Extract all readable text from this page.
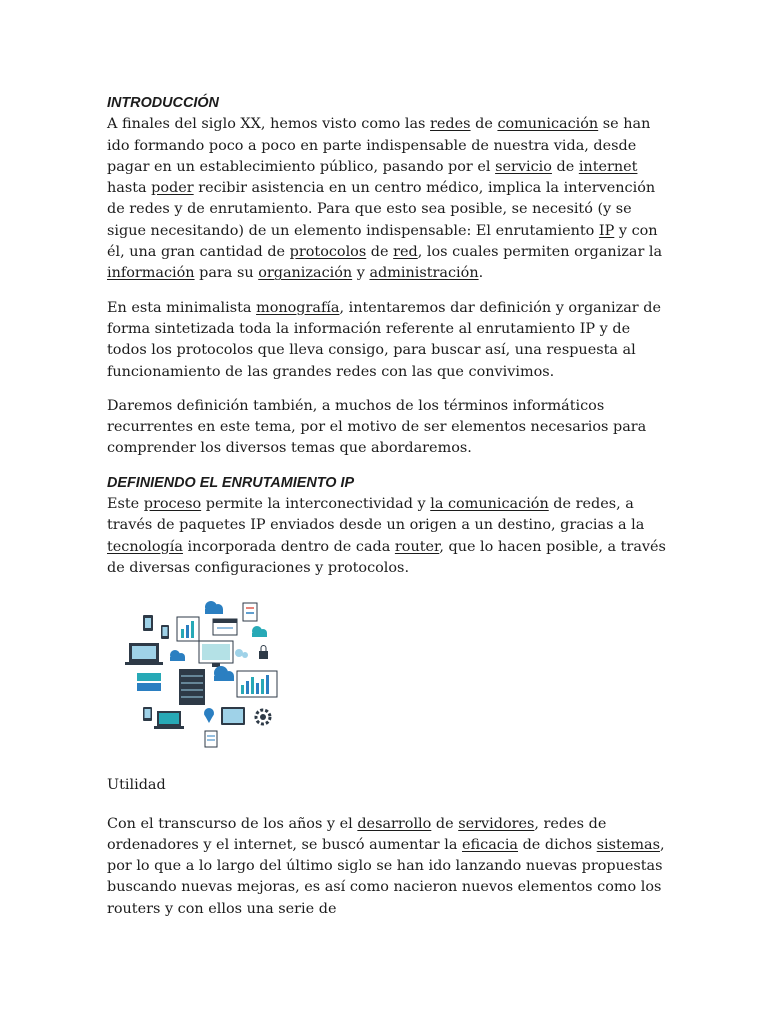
INTRODUCCIÓN
A finales del siglo XX, hemos visto como las redes de comunicación se han ido formando poco a poco en parte indispensable de nuestra vida, desde pagar en un establecimiento público, pasando por el servicio de internet hasta poder recibir asistencia en un centro médico, implica la intervención de redes y de enrutamiento. Para que esto sea posible, se necesitó (y se sigue necesitando) de un elemento indispensable: El enrutamiento IP y con él, una gran cantidad de protocolos de red, los cuales permiten organizar la información para su organización y administración.

En esta minimalista monografía, intentaremos dar definición y organizar de forma sintetizada toda la información referente al enrutamiento IP y de todos los protocolos que lleva consigo, para buscar así, una respuesta al funcionamiento de las grandes redes con las que convivimos.

Daremos definición también, a muchos de los términos informáticos recurrentes en este tema, por el motivo de ser elementos necesarios para comprender los diversos temas que abordaremos.

DEFINIENDO EL ENRUTAMIENTO IP
Este proceso permite la interconectividad y la comunicación de redes, a través de paquetes IP enviados desde un origen a un destino, gracias a la tecnología incorporada dentro de cada router, que lo hacen posible, a través de diversas configuraciones y protocolos.

Utilidad

Con el transcurso de los años y el desarrollo de servidores, redes de ordenadores y el internet, se buscó aumentar la eficacia de dichos sistemas, por lo que a lo largo del último siglo se han ido lanzando nuevas propuestas buscando nuevas mejoras, es así como nacieron nuevos elementos como los routers y con ellos una serie de
